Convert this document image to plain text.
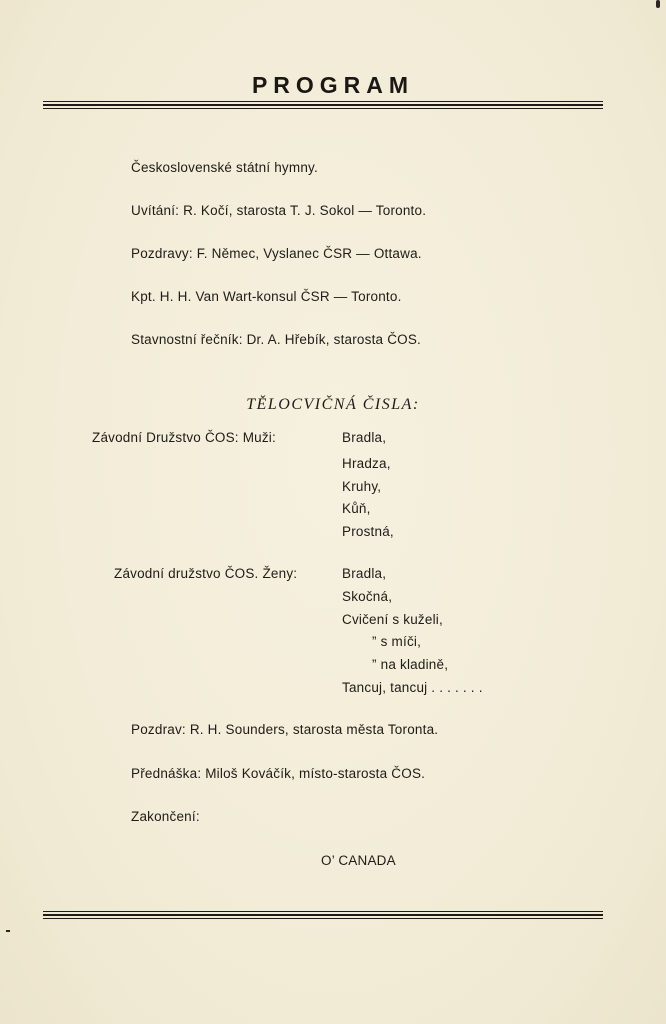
PROGRAM
Československé státní hymny.
Uvítání: R. Kočí, starosta T. J. Sokol — Toronto.
Pozdravy: F. Němec, Vyslanec ČSR — Ottawa.
Kpt. H. H. Van Wart-konsul ČSR — Toronto.
Stavnostní řečník: Dr. A. Hřebík, starosta ČOS.
TĚLOCVIČNÁ ČISLA:
Závodní Družstvo ČOS: Muži:	Bradla,
Hradza,
Kruhy,
Kůň,
Prostná,
Závodní družstvo ČOS. Ženy:	Bradla,
Skočná,
Cvičení s kuželi,
” s míči,
” na kladině,
Tancuj, tancuj . . . . . . .
Pozdrav: R. H. Sounders, starosta města Toronta.
Přednáška: Miloš Kováčík, místo-starosta ČOS.
Zakončení:
O’ CANADA
